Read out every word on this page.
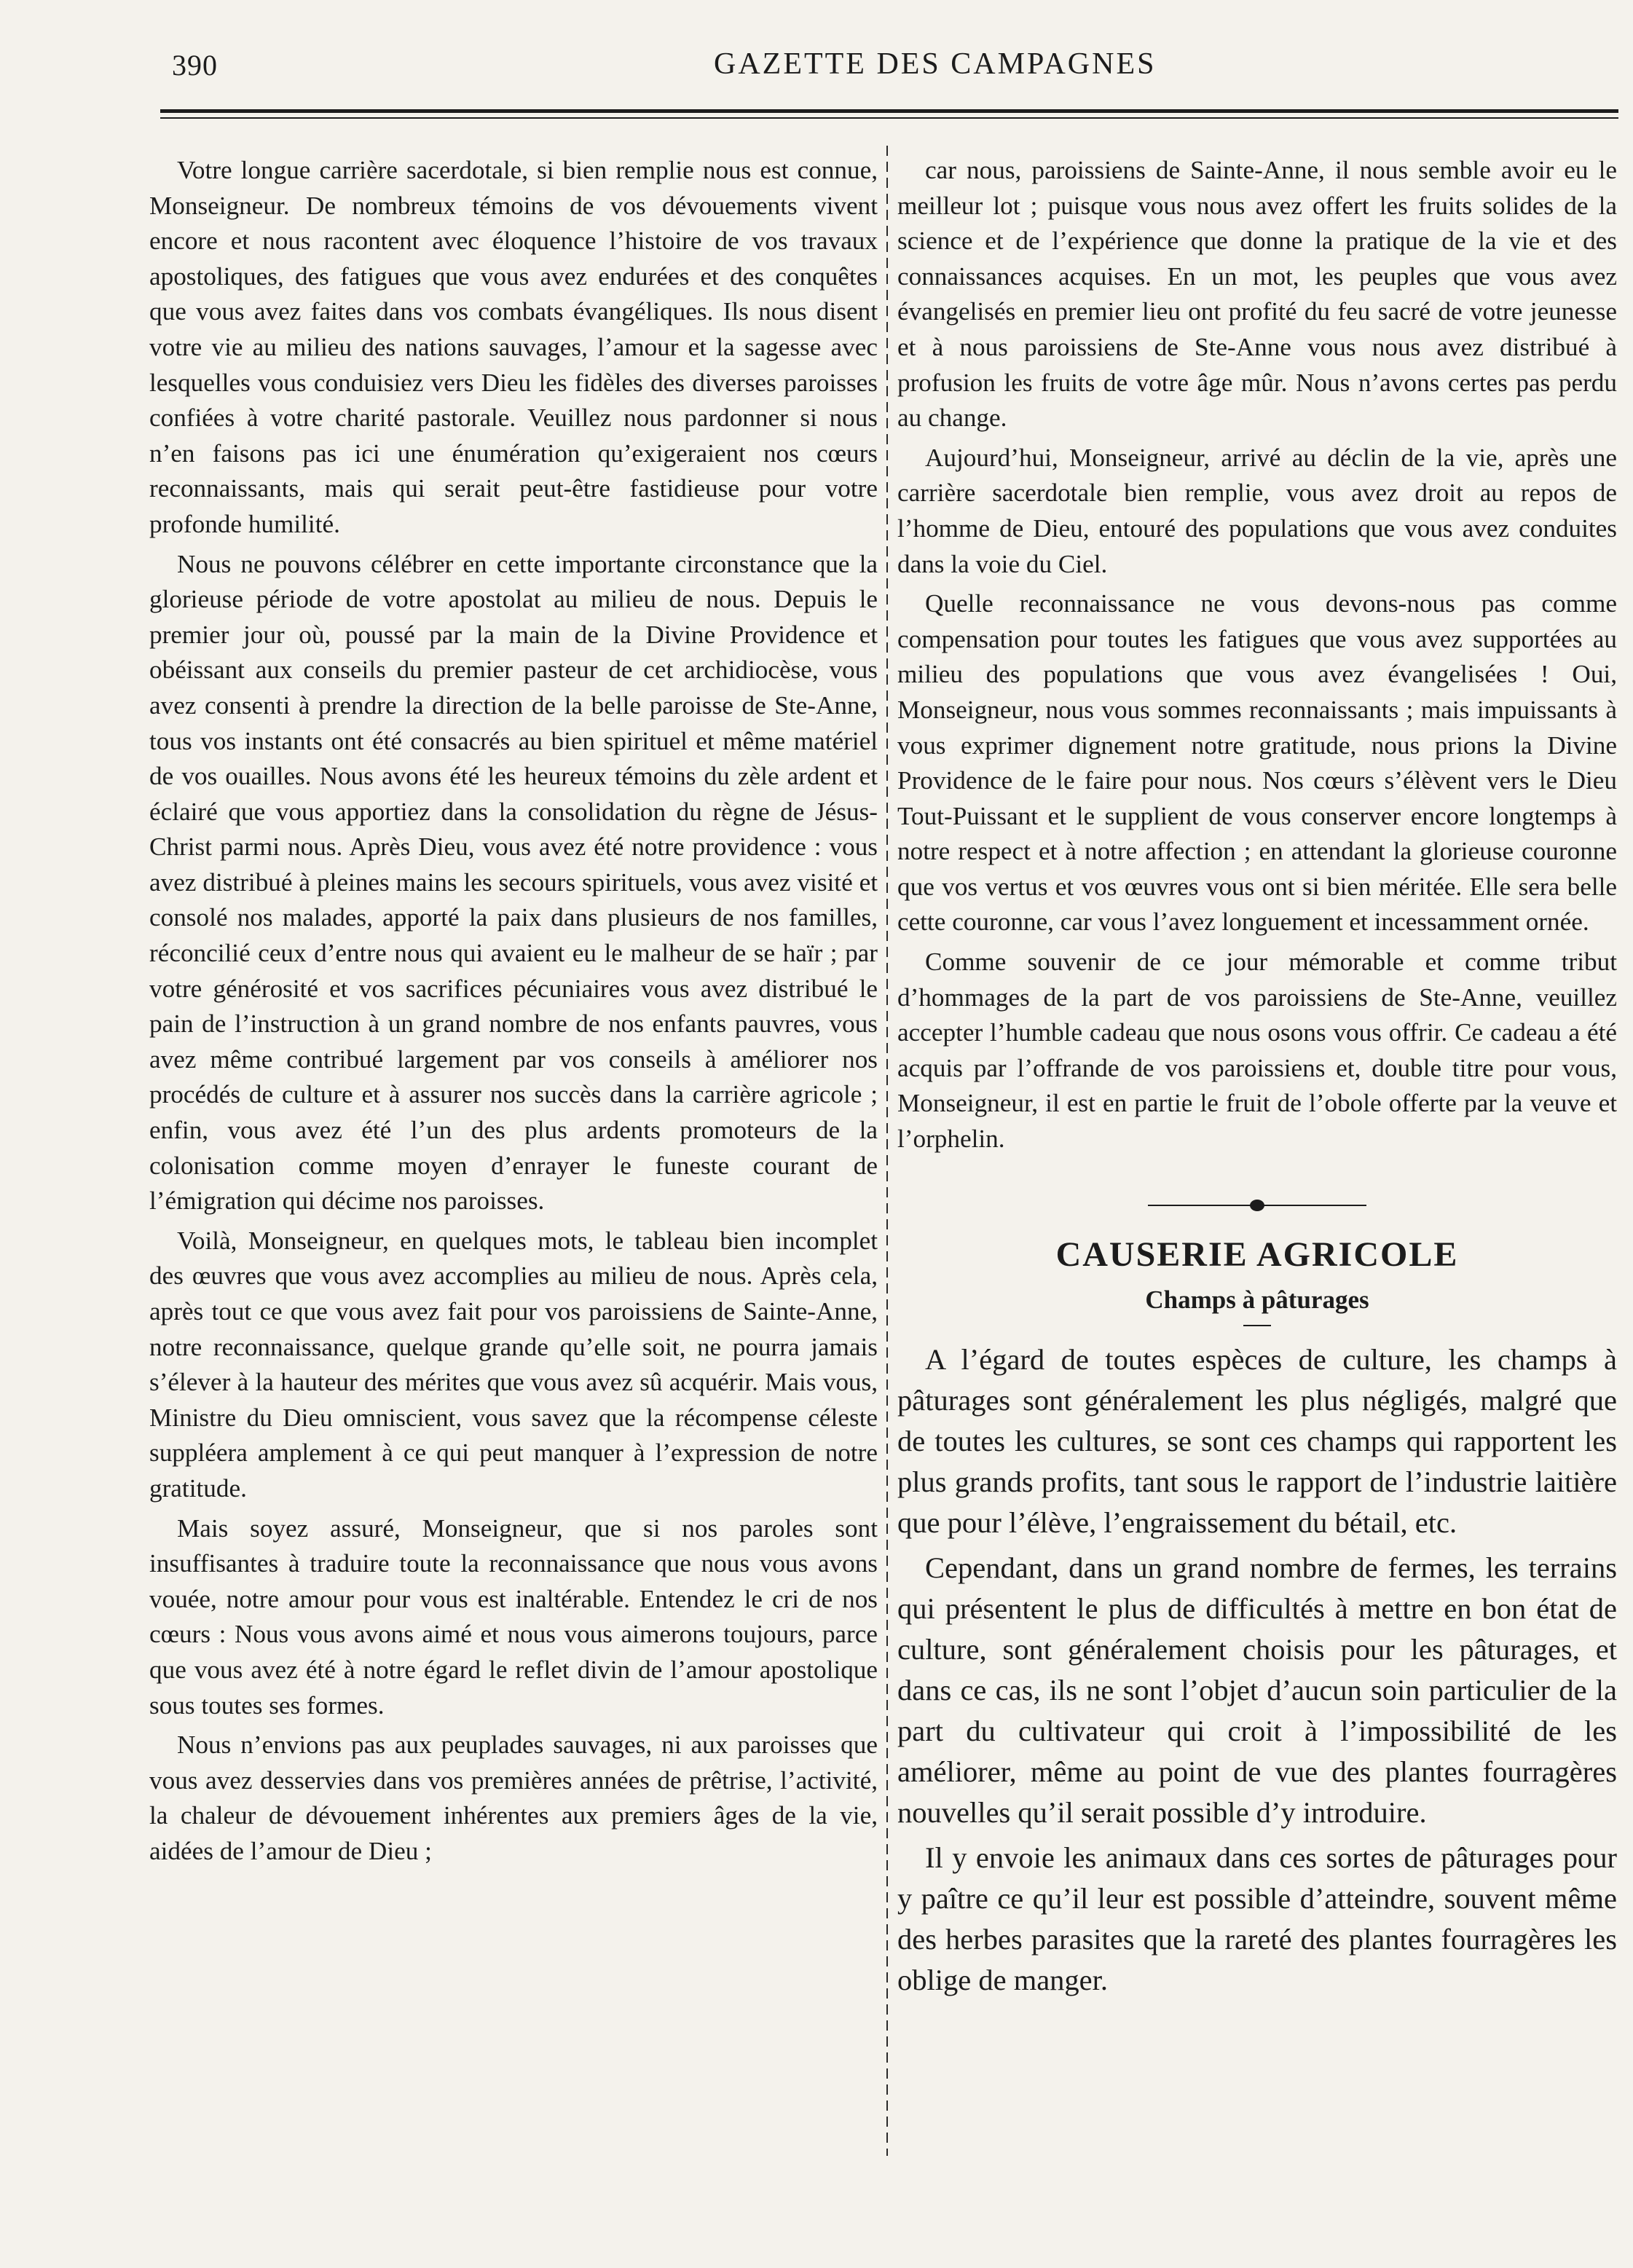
390	GAZETTE DES CAMPAGNES

Votre longue carrière sacerdotale, si bien remplie nous est connue, Monseigneur. De nombreux témoins de vos dévouements vivent encore et nous racontent avec éloquence l’histoire de vos travaux apostoliques, des fatigues que vous avez endurées et des conquêtes que vous avez faites dans vos combats évangéliques. Ils nous disent votre vie au milieu des nations sauvages, l’amour et la sagesse avec lesquelles vous conduisiez vers Dieu les fidèles des diverses paroisses confiées à votre charité pastorale. Veuillez nous pardonner si nous n’en faisons pas ici une énumération qu’exigeraient nos cœurs reconnaissants, mais qui serait peut-être fastidieuse pour votre profonde humilité.

Nous ne pouvons célébrer en cette importante circonstance que la glorieuse période de votre apostolat au milieu de nous. Depuis le premier jour où, poussé par la main de la Divine Providence et obéissant aux conseils du premier pasteur de cet archidiocèse, vous avez consenti à prendre la direction de la belle paroisse de Ste-Anne, tous vos instants ont été consacrés au bien spirituel et même matériel de vos ouailles. Nous avons été les heureux témoins du zèle ardent et éclairé que vous apportiez dans la consolidation du règne de Jésus-Christ parmi nous. Après Dieu, vous avez été notre providence : vous avez distribué à pleines mains les secours spirituels, vous avez visité et consolé nos malades, apporté la paix dans plusieurs de nos familles, réconcilié ceux d’entre nous qui avaient eu le malheur de se haïr ; par votre générosité et vos sacrifices pécuniaires vous avez distribué le pain de l’instruction à un grand nombre de nos enfants pauvres, vous avez même contribué largement par vos conseils à améliorer nos procédés de culture et à assurer nos succès dans la carrière agricole ; enfin, vous avez été l’un des plus ardents promoteurs de la colonisation comme moyen d’enrayer le funeste courant de l’émigration qui décime nos paroisses.

Voilà, Monseigneur, en quelques mots, le tableau bien incomplet des œuvres que vous avez accomplies au milieu de nous. Après cela, après tout ce que vous avez fait pour vos paroissiens de Sainte-Anne, notre reconnaissance, quelque grande qu’elle soit, ne pourra jamais s’élever à la hauteur des mérites que vous avez sû acquérir. Mais vous, Ministre du Dieu omniscient, vous savez que la récompense céleste suppléera amplement à ce qui peut manquer à l’expression de notre gratitude.

Mais soyez assuré, Monseigneur, que si nos paroles sont insuffisantes à traduire toute la reconnaissance que nous vous avons vouée, notre amour pour vous est inaltérable. Entendez le cri de nos cœurs : Nous vous avons aimé et nous vous aimerons toujours, parce que vous avez été à notre égard le reflet divin de l’amour apostolique sous toutes ses formes.

Nous n’envions pas aux peuplades sauvages, ni aux paroisses que vous avez desservies dans vos premières années de prêtrise, l’activité, la chaleur de dévouement inhérentes aux premiers âges de la vie, aidées de l’amour de Dieu ;

car nous, paroissiens de Sainte-Anne, il nous semble avoir eu le meilleur lot ; puisque vous nous avez offert les fruits solides de la science et de l’expérience que donne la pratique de la vie et des connaissances acquises. En un mot, les peuples que vous avez évangelisés en premier lieu ont profité du feu sacré de votre jeunesse et à nous paroissiens de Ste-Anne vous nous avez distribué à profusion les fruits de votre âge mûr. Nous n’avons certes pas perdu au change.

Aujourd’hui, Monseigneur, arrivé au déclin de la vie, après une carrière sacerdotale bien remplie, vous avez droit au repos de l’homme de Dieu, entouré des populations que vous avez conduites dans la voie du Ciel.

Quelle reconnaissance ne vous devons-nous pas comme compensation pour toutes les fatigues que vous avez supportées au milieu des populations que vous avez évangelisées ! Oui, Monseigneur, nous vous sommes reconnaissants ; mais impuissants à vous exprimer dignement notre gratitude, nous prions la Divine Providence de le faire pour nous. Nos cœurs s’élèvent vers le Dieu Tout-Puissant et le supplient de vous conserver encore longtemps à notre respect et à notre affection ; en attendant la glorieuse couronne que vos vertus et vos œuvres vous ont si bien méritée. Elle sera belle cette couronne, car vous l’avez longuement et incessamment ornée.

Comme souvenir de ce jour mémorable et comme tribut d’hommages de la part de vos paroissiens de Ste-Anne, veuillez accepter l’humble cadeau que nous osons vous offrir. Ce cadeau a été acquis par l’offrande de vos paroissiens et, double titre pour vous, Monseigneur, il est en partie le fruit de l’obole offerte par la veuve et l’orphelin.

CAUSERIE AGRICOLE
Champs à pâturages

A l’égard de toutes espèces de culture, les champs à pâturages sont généralement les plus négligés, malgré que de toutes les cultures, se sont ces champs qui rapportent les plus grands profits, tant sous le rapport de l’industrie laitière que pour l’élève, l’engraissement du bétail, etc.

Cependant, dans un grand nombre de fermes, les terrains qui présentent le plus de difficultés à mettre en bon état de culture, sont généralement choisis pour les pâturages, et dans ce cas, ils ne sont l’objet d’aucun soin particulier de la part du cultivateur qui croit à l’impossibilité de les améliorer, même au point de vue des plantes fourragères nouvelles qu’il serait possible d’y introduire.

Il y envoie les animaux dans ces sortes de pâturages pour y paître ce qu’il leur est possible d’atteindre, souvent même des herbes parasites que la rareté des plantes fourragères les oblige de manger.
